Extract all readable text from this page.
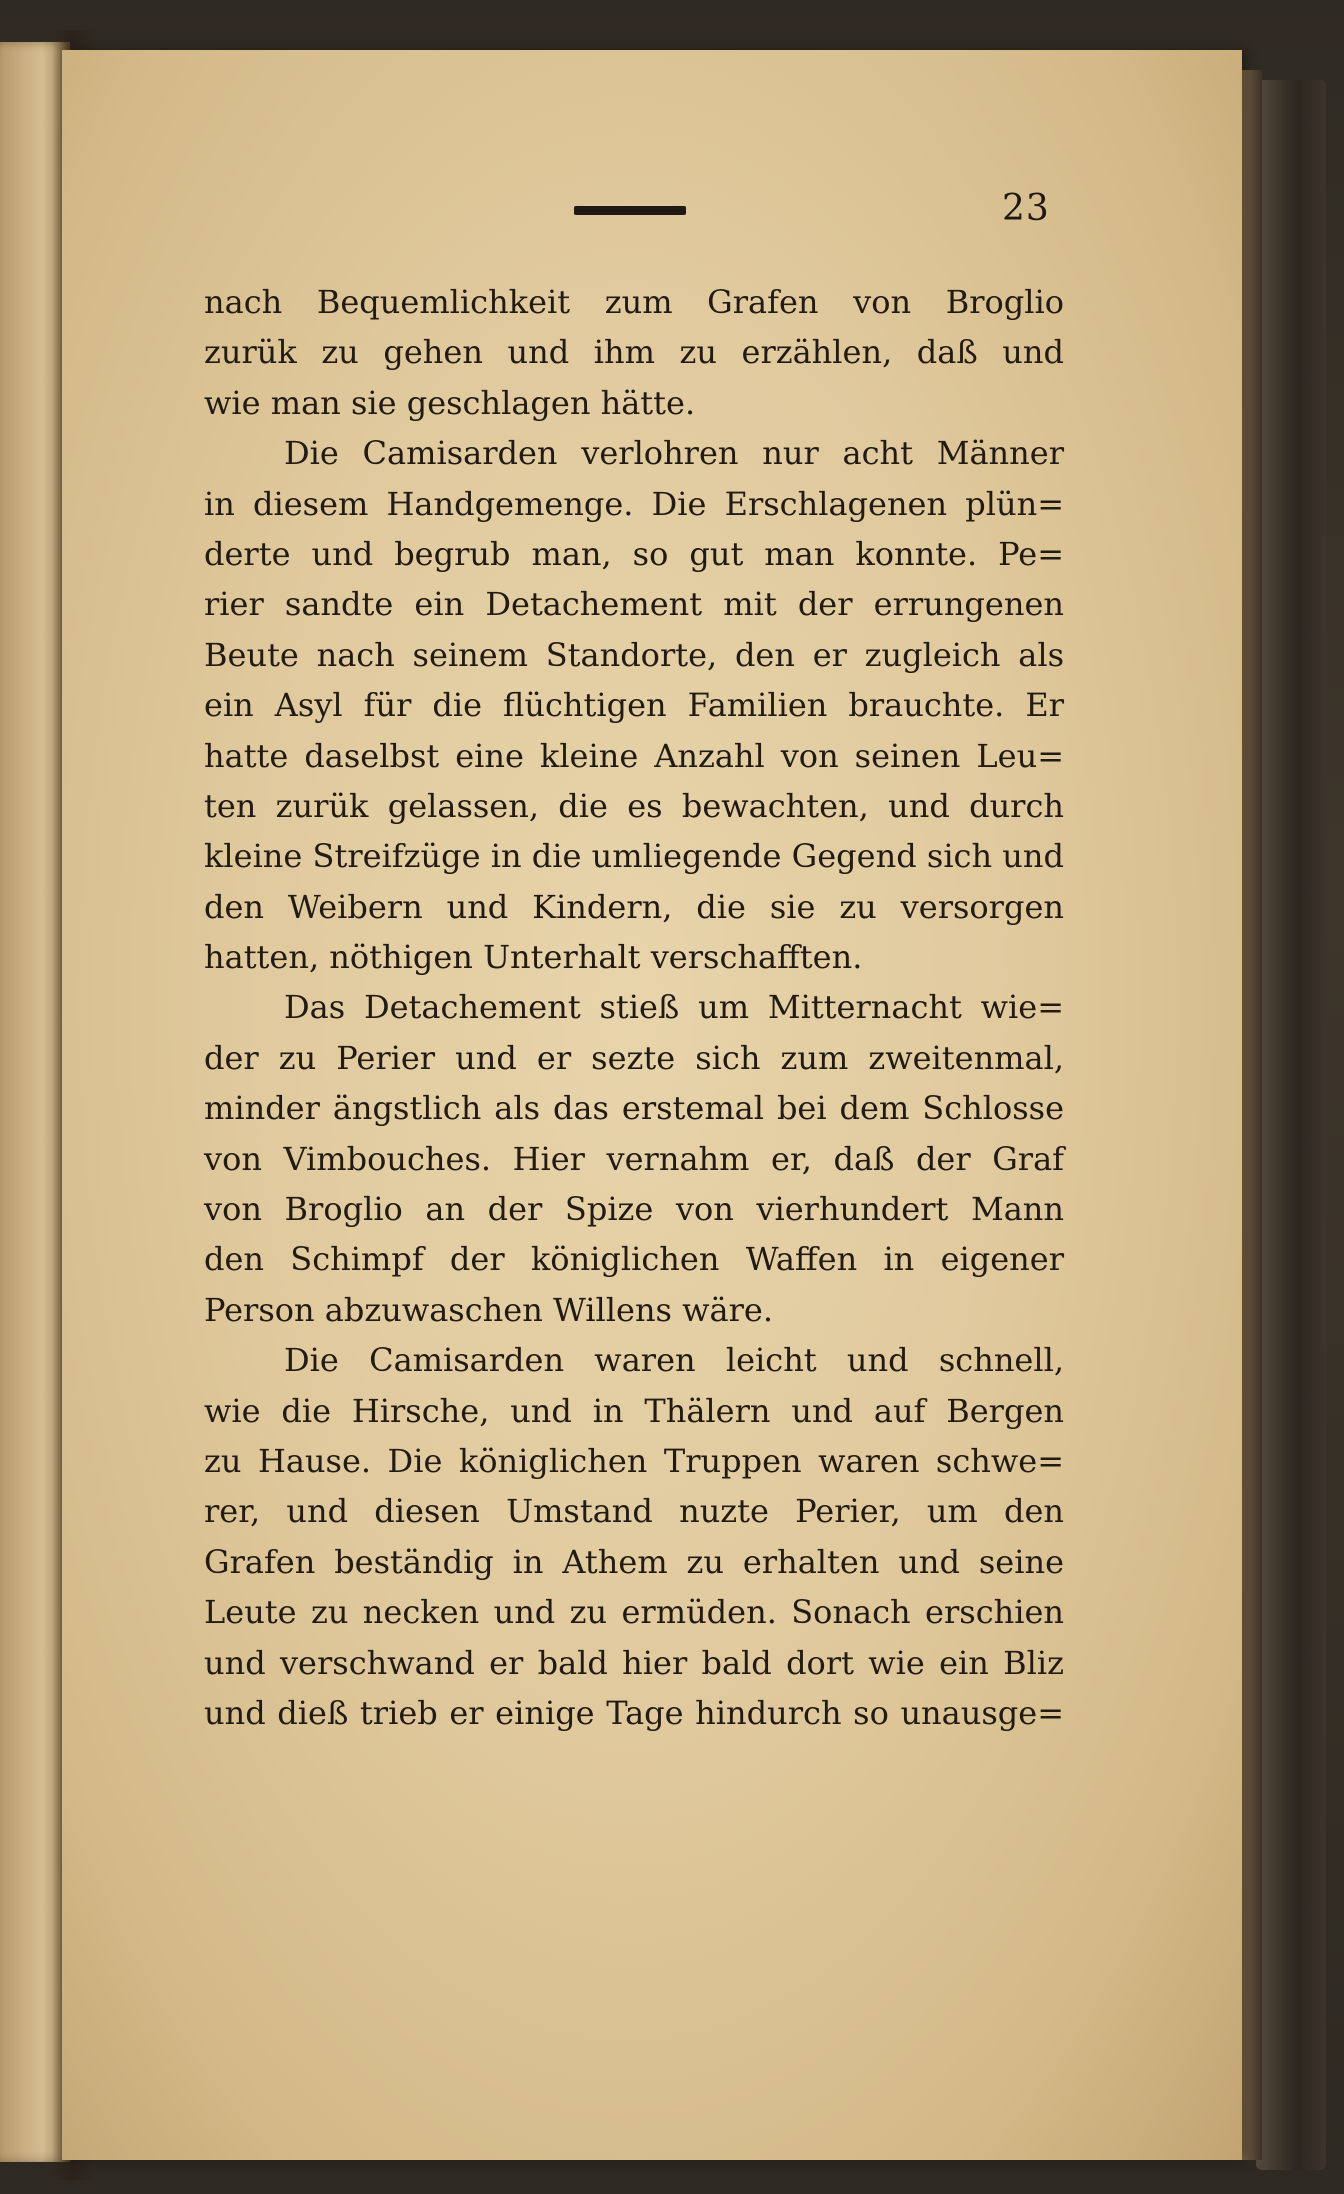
23
nach Bequemlichkeit zum Grafen von Broglio
zurük zu gehen und ihm zu erzählen, daß und
wie man sie geschlagen hätte.
Die Camisarden verlohren nur acht Männer
in diesem Handgemenge. Die Erschlagenen plün=
derte und begrub man, so gut man konnte. Pe=
rier sandte ein Detachement mit der errungenen
Beute nach seinem Standorte, den er zugleich als
ein Asyl für die flüchtigen Familien brauchte. Er
hatte daselbst eine kleine Anzahl von seinen Leu=
ten zurük gelassen, die es bewachten, und durch
kleine Streifzüge in die umliegende Gegend sich und
den Weibern und Kindern, die sie zu versorgen
hatten, nöthigen Unterhalt verschafften.
Das Detachement stieß um Mitternacht wie=
der zu Perier und er sezte sich zum zweitenmal,
minder ängstlich als das erstemal bei dem Schlosse
von Vimbouches. Hier vernahm er, daß der Graf
von Broglio an der Spize von vierhundert Mann
den Schimpf der königlichen Waffen in eigener
Person abzuwaschen Willens wäre.
Die Camisarden waren leicht und schnell,
wie die Hirsche, und in Thälern und auf Bergen
zu Hause. Die königlichen Truppen waren schwe=
rer, und diesen Umstand nuzte Perier, um den
Grafen beständig in Athem zu erhalten und seine
Leute zu necken und zu ermüden. Sonach erschien
und verschwand er bald hier bald dort wie ein Bliz
und dieß trieb er einige Tage hindurch so unausge=
